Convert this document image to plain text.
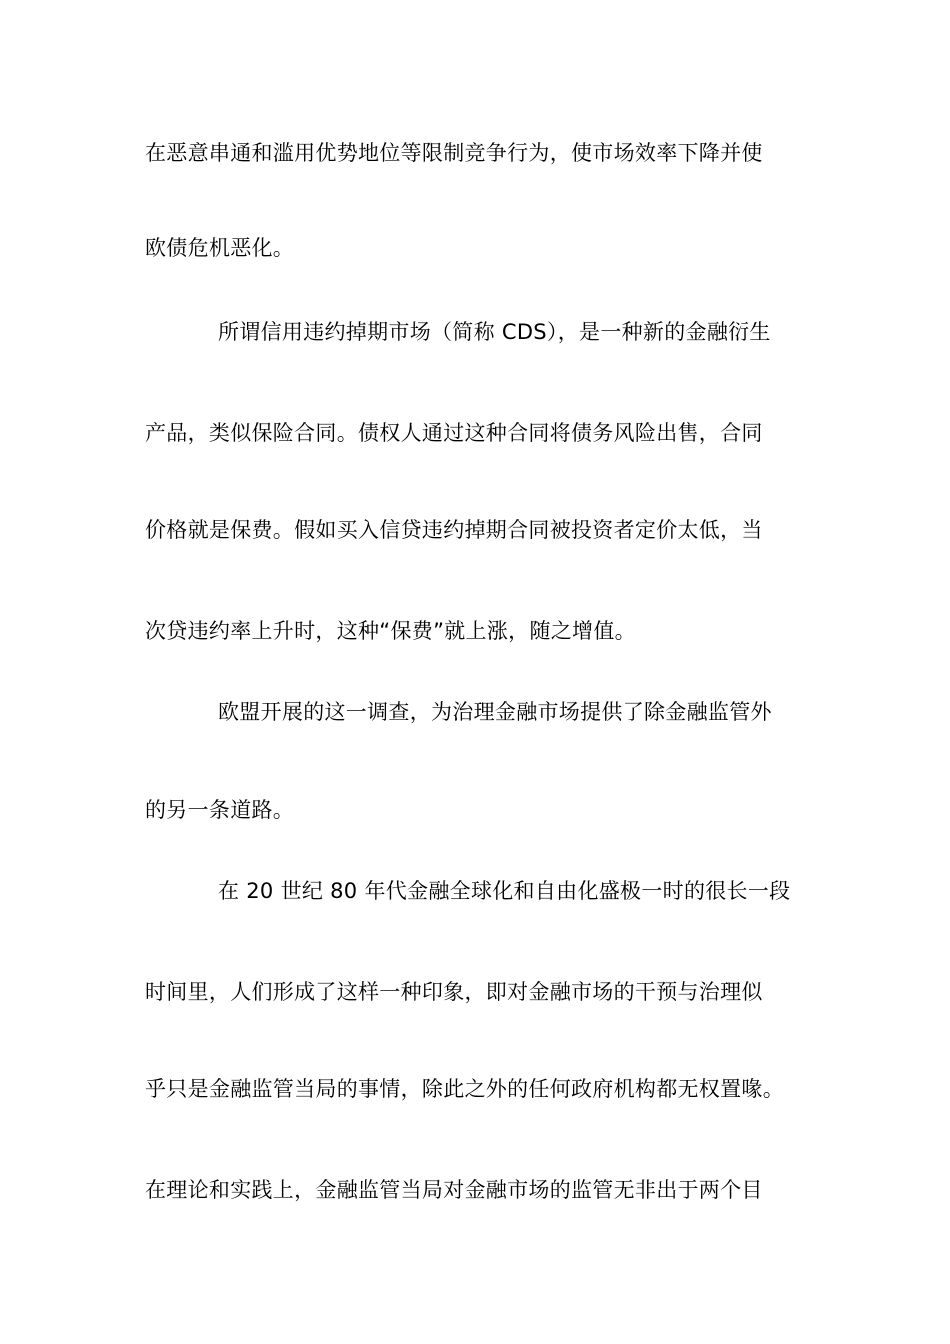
在恶意串通和滥用优势地位等限制竞争行为，使市场效率下降并使
欧债危机恶化。
所谓信用违约掉期市场（简称 CDS），是一种新的金融衍生
产品，类似保险合同。债权人通过这种合同将债务风险出售，合同
价格就是保费。假如买入信贷违约掉期合同被投资者定价太低，当
次贷违约率上升时，这种“保费”就上涨，随之增值。
欧盟开展的这一调查，为治理金融市场提供了除金融监管外
的另一条道路。
在 20 世纪 80 年代金融全球化和自由化盛极一时的很长一段
时间里，人们形成了这样一种印象，即对金融市场的干预与治理似
乎只是金融监管当局的事情，除此之外的任何政府机构都无权置喙。
在理论和实践上，金融监管当局对金融市场的监管无非出于两个目
